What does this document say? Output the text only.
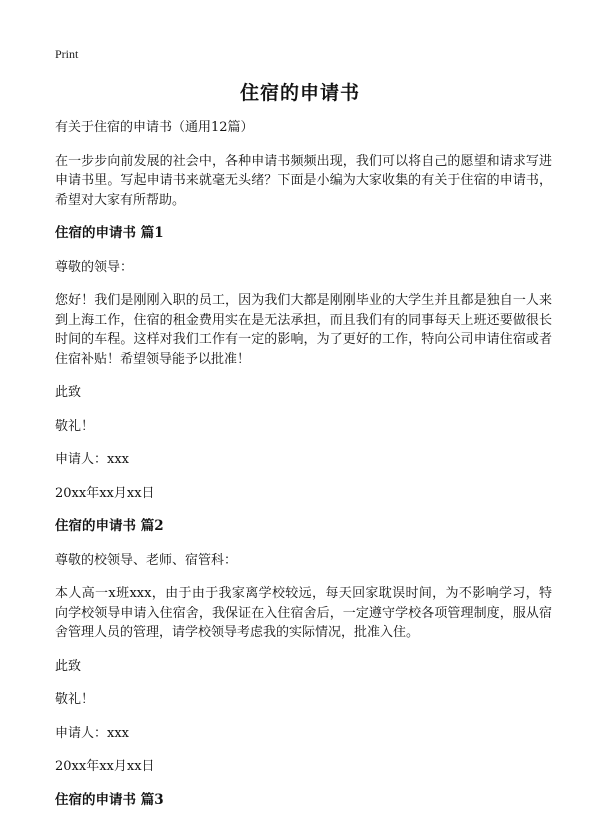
Print
住宿的申请书

有关于住宿的申请书（通用12篇）

在一步步向前发展的社会中，各种申请书频频出现，我们可以将自己的愿望和请求写进申请书里。写起申请书来就毫无头绪？下面是小编为大家收集的有关于住宿的申请书，希望对大家有所帮助。

住宿的申请书 篇1
尊敬的领导：

您好！我们是刚刚入职的员工，因为我们大都是刚刚毕业的大学生并且都是独自一人来到上海工作，住宿的租金费用实在是无法承担，而且我们有的同事每天上班还要做很长时间的车程。这样对我们工作有一定的影响，为了更好的工作，特向公司申请住宿或者住宿补贴！希望领导能予以批准！

此致
敬礼！
申请人：xxx
20xx年xx月xx日
住宿的申请书 篇2
尊敬的校领导、老师、宿管科：

本人高一x班xxx，由于由于我家离学校较远，每天回家耽误时间，为不影响学习，特向学校领导申请入住宿舍，我保证在入住宿舍后，一定遵守学校各项管理制度，服从宿舍管理人员的管理，请学校领导考虑我的实际情况，批准入住。

此致
敬礼！
申请人：xxx
20xx年xx月xx日
住宿的申请书 篇3
